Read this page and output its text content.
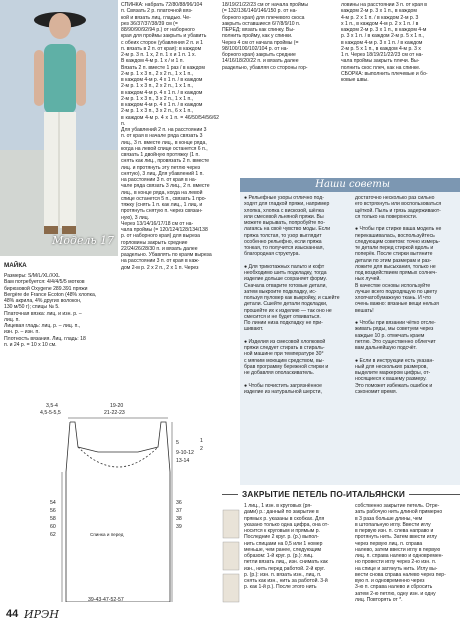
Модель 17
МАЙКА
Размеры: S/M/L/XL/XXL
Вам потребуется: 4/4/4/5/5 мотков
бирюзовой Oxygene 289.391 пряжи
Bergère de France Ecoton (48% хлопка,
48% акрила, 4% других волокон,
130 м/50 г); спицы № 5.
Платочная вязка: лиц. и изн. р. –
лиц. п.
Лицевая гладь: лиц. р. – лиц. п.,
изн. р. – изн. п.
Плотность вязания. Лиц. гладь: 18
п. и 24 р. = 10 x 10 см.
3,5-4
4,5-5-5,5
19-20
21-22-23
5
9-10-12
13-14
36
37
38
39
54
56
58
60
62	Спинка и перед
39-43-47-52-57
1
2
СПИНКА: набрать 72/80/88/96/104
п. Связать 2 р. платочной вяз-
кой и вязать лиц. гладью. Че-
рез 36/37/37/38/39 см (=
88/90/90/92/94 р.) от наборного
края для проймы закрыть и убавить
с обеих сторон (убавления 2 п. и 1
п. вязать в 2 п. от края): в каждом
2-м р. 3 п. 1 x, 2 п. 1 x и 1 п. 1 x.
В каждом 4-м р. 1 x / и 1 п.
Вязать 2 п. вместе 1 раз / в каждом
2-м р. 1 x 3 п., 2 x 2 п., 1 x 1 п.,
в каждом 4-м р. 4 x 1 п. / в каждом
2-м р. 1 x 3 п., 2 x 2 п., 1 x 1 п.,
в каждом 4-м р. 4 x 1 п. / в каждом
2-м р. 1 x 3 п., 3 x 2 п., 1 x 1 п.,
в каждом 4-м р. 4 x 1 п. / в каждом
2-м р. 1 x 3 п., 3 x 2 п., 6 x 1 п.,
в каждом 4-м р. 4 x 1 п. = 46/50/54/56/62 п.
Для убавлений 2 п. на расстоянии 3
п. от края в начале ряда связать 3
лиц., 3 п. вместе лиц., в конце ряда,
когда на левой спице останется 6 п.,
связать 1 двойную протяжку (1 п.
снять как лиц., провязать 2 п. вместе
лиц. и протянуть эту петлю через
снятую), 3 лиц. Для убавлений 1 п.
на расстоянии 3 п. от края в на-
чале ряда связать 3 лиц., 2 п. вместе
лиц., в конце ряда, когда на левой
спице останется 5 п., связать 1 про-
тяжку (снять 1 п. как лиц., 1 лиц. и
протянуть снятую п. через связан-
ную), 3 лиц.
Через 13/14/16/17/18 см от на-
чала проймы (= 120/124/128/134/138
р. от наборного края) для выреза
горловины закрыть средние
22/24/26/28/30 п. и вязать далее
раздельно. Убавлять по краям выреза
на расстоянии 3 п. от края в каж-
дом 2-м р. 2 x 2 п., 2 x 1 п. Через
18/19/21/22/23 см от начала проймы
(= 132/136/140/146/150 р. от на-
борного края) для плечевого скоса
закрыть оставшиеся 6/7/8/9/10 п.
ПЕРЕД: вязать как спинку. Вы-
полнить пройму, как у спинки.
Через 4 см от начала проймы (=
98/100/100/102/104 р. от на-
борного края) закрыть средние
14/16/18/20/22 п. и вязать далее
раздельно, убавляя со стороны гор-
ловины на расстоянии 3 п. от края в
каждом 2-м р. 3 x 1 п., в каждом
4-м р. 2 x 1 п. / в каждом 2-м р. 3
x 1 п., в каждом 4-м р. 2 x 1 п. / в
каждом 2-м р. 3 x 1 п., в каждом 4-м
р. 3 x 1 п. / в каждом 2-м р. 5 x 1 п.,
в каждом 4-м р. 3 x 1 п. / в каждом
2-м р. 5 x 1 п., в каждом 4-м р. 3 x
1 п. Через 18/19/21/22/23 см от на-
чала проймы закрыть плечи. Вы-
полнить скос плеч, как на спинке.
СБОРКА: выполнить плечевые и бо-
ковые швы.
Наши советы
● Рельефные узоры отлично под-
ходят для гладкой пряжи, например
хлопка, хлопка с вискозой, шёлка
или смесевой льняной пряжи. Вы
можете вырывать, попробуйте по-
лагаясь на своё чувство моды. Если
пряжа толстая, то узор выглядит
особенно рельефно, если пряжа
тонкая, то получится изысканная,
благородная структура.

● Для трикотажных пальто и кофт
необходимо шить подкладку, тогда
изделие дольше сохраняет форму.
Сначала отварите готовые детали,
затем выкроите подкладку, ис-
пользуя пуловер как выкройку, и сшейте
детали. Сшейте детали подкладки,
прошейте их к изделию — так оно не
смесится и не будет отвиваться.
По линии низа подкладку не при-
шивают.

● Изделия из смесовой хлопковой
пряжи следует стирать в стираль-
ной машине при температуре 30°
с мягким моющим средством, вы-
брав программу бережной стирки и
не добавляя ополаскиватель.

● Чтобы почистить загрязнённое
изделие из натуральной шерсти,
достаточно несколько раз сильно
его встряхнуть или воспользоваться
щёткой. Пыль и грязь задерживают-
ся только на поверхности.

● Чтобы при стирке ваша модель не
перекашивалась, воспользуйтесь
следующим советом: точно измерь-
те детали перед стиркой вдоль и
поперёк. После стирки вытяните
детали по этим размерам и раз-
ложите для высыхания, только не
под воздействием прямых солнеч-
ных лучей.
В качестве основы используйте
лучше всего подходящую по цвету
хлопчатобумажную ткань. И что
очень важно: вязаные вещи нельзя
вешать!

● Чтобы при вязании чётко отсле-
живать ряды, мы советуем через
каждые 10 р. отмечать краем
петлю. Это существенно облегчит
вам дальнейшую подсчёт.

● Если в инструкции есть указан-
ный для нескольких размеров,
выделите маркером цифры, от-
носящиеся к вашему размеру.
Это поможет избежать ошибок и
сэкономит время.
ЗАКРЫТИЕ ПЕТЕЛЬ ПО-ИТАЛЬЯНСКИ
1 лиц., 1 изн. в круговых (ря-
дами) р.: данный по закрытие в
прямых р. указаны в скобках. Для
указано только одна цифра, она от-
носится к круговым и прямым р.
Последние 2 круг. р. (р.) выпол-
нить спицами на 0,5 или 1 номер
меньше, чем ранее, следующим
образом: 1-й круг. р. (р.): лиц.
петли вязать лиц., изн. снимать как
изн., нить перед работой. 2-й круг.
р. (р.): изн. п. вязать изн., лиц. п.
снять как изн., нить за работой. 3-й
р. как 1-й р.). После этого нить
собственно закрытие петель. Отре-
зать рабочую нить длиной примерно
в 3 раза больше длины, чем
в штопальную иглу. Ввести иглу
в первую изн. п. слева направо и
протянуть нить. Затем ввести иглу
через первую лиц. п. справа
налево, затем ввести иглу в первую
лиц. п. справа налево и одновремен-
но провести иглу через 2-ю изн. п.
на спице и затянуть нить. Иглу вы-
вести снова справа налево через пер-
вую п. и одновременно через
3-ю п. справа налево и сбросить
затем 2-ю петлю, одну изн. и одну
лиц. Повторять от *.
44 ИРЭН
